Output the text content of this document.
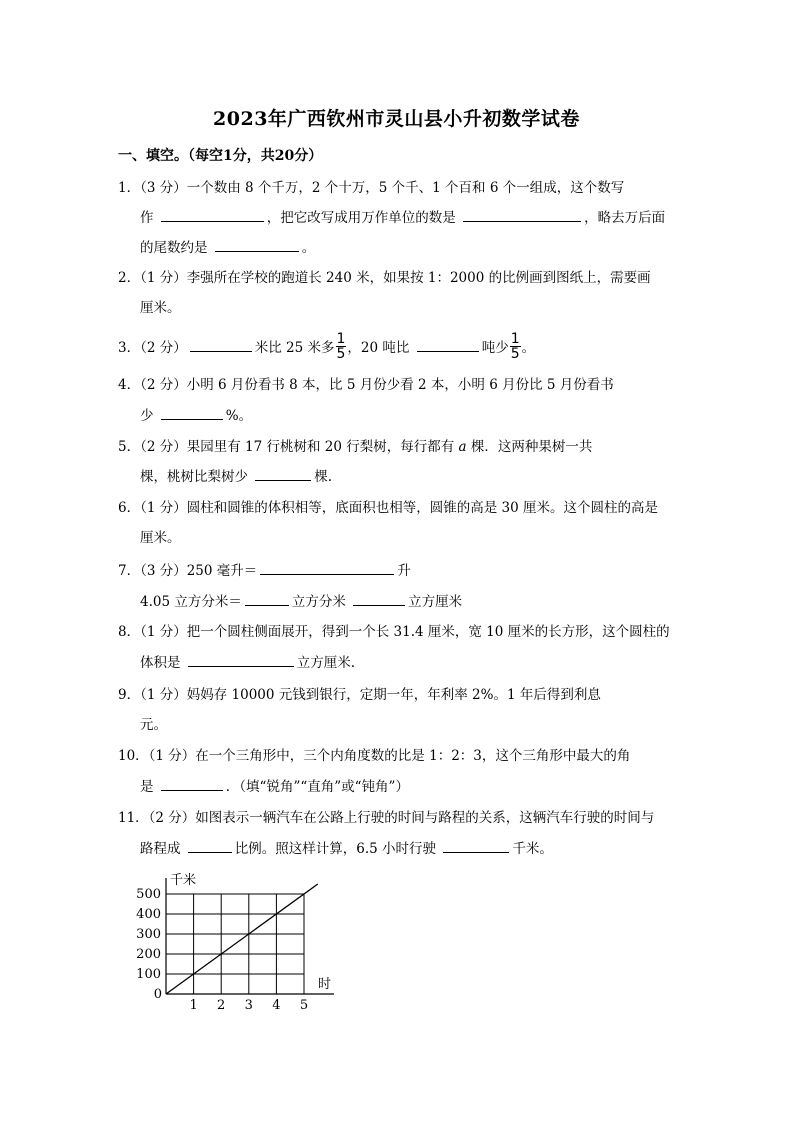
2023年广西钦州市灵山县小升初数学试卷
一、填空。（每空1分，共20分）
1．（3 分）一个数由 8 个千万，2 个十万，5 个千、1 个百和 6 个一组成，这个数写
作	，把它改写成用万作单位的数是	，略去万后面
的尾数约是	。
2．（1 分）李强所在学校的跑道长 240 米，如果按 1：2000 的比例画到图纸上，需要画
厘米。
3．（2 分）	米比 25 米多 $\frac{1}{5}$ ，20 吨比	吨少 $\frac{1}{5}$ 。
4．（2 分）小明 6 月份看书 8 本，比 5 月份少看 2 本，小明 6 月份比 5 月份看书
少	%。
5．（2 分）果园里有 17 行桃树和 20 行梨树，每行都有 a 棵．这两种果树一共
棵，桃树比梨树少	棵.
6．（1 分）圆柱和圆锥的体积相等，底面积也相等，圆锥的高是 30 厘米。这个圆柱的高是
厘米。
7．（3 分）250 毫升＝	升
4.05 立方分米＝	立方分米	立方厘米
8．（1 分）把一个圆柱侧面展开，得到一个长 31.4 厘米，宽 10 厘米的长方形，这个圆柱的
体积是	立方厘米.
9．（1 分）妈妈存 10000 元钱到银行，定期一年，年利率 2%。1 年后得到利息
元。
10．（1 分）在一个三角形中，三个内角度数的比是 1：2：3，这个三角形中最大的角
是	．（填“锐角”“直角”或“钝角”）
11．（2 分）如图表示一辆汽车在公路上行驶的时间与路程的关系，这辆汽车行驶的时间与
路程成	比例。照这样计算，6.5 小时行驶	千米。
1 2 3 4 5
100
200
300
400
500
0
千米
时
